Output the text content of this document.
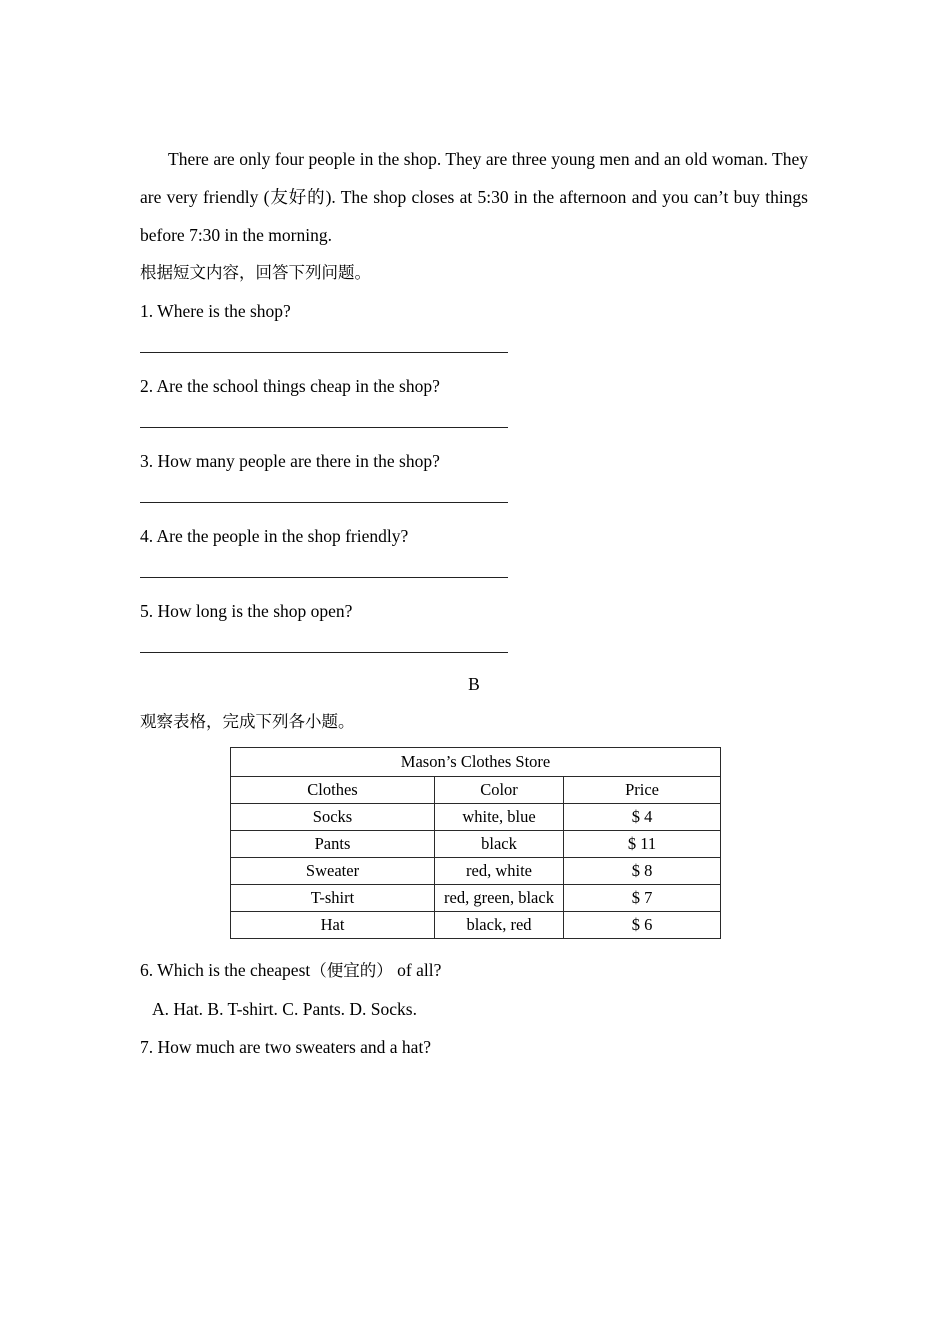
There are only four people in the shop. They are three young men and an old woman. They are very friendly (友好的). The shop closes at 5:30 in the afternoon and you can’t buy things before 7:30 in the morning.

根据短文内容，回答下列问题。

1. Where is the shop?

2. Are the school things cheap in the shop?

3. How many people are there in the shop?

4. Are the people in the shop friendly?

5. How long is the shop open?

B

观察表格，完成下列各小题。

Mason’s Clothes Store		
Clothes	Color	Price
Socks	white, blue	$ 4
Pants	black	$ 11
Sweater	red, white	$ 8
T-shirt	red, green, black	$ 7
Hat	black, red	$ 6

6. Which is the cheapest（便宜的） of all?

A. Hat. B. T-shirt. C. Pants. D. Socks.

7. How much are two sweaters and a hat?
